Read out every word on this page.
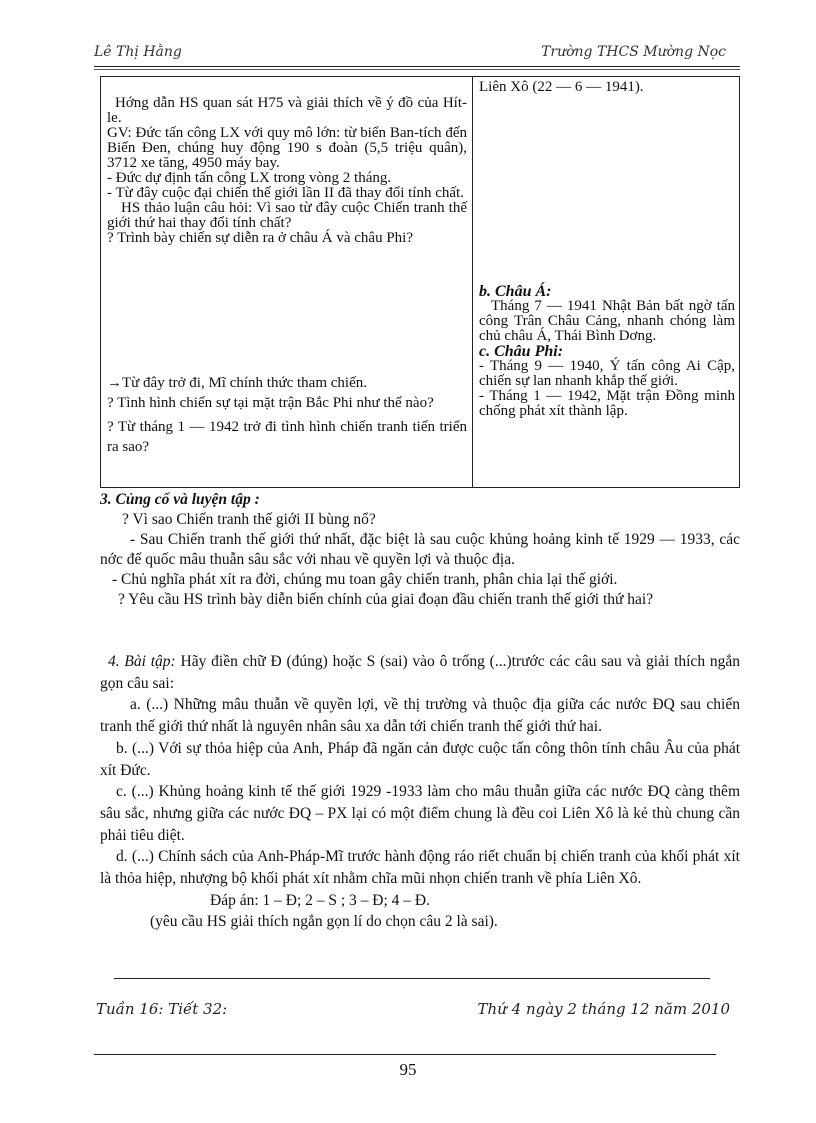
Lê Thị Hằng	Trường THCS Mường Nọc

Hớng dẫn HS quan sát H75 và giải thích về ý đồ của Hít-le.

GV: Đức tấn công LX với quy mô lớn: từ biển Ban-tích đến Biển Đen, chúng huy động 190 s đoàn (5,5 triệu quân), 3712 xe tăng, 4950 máy bay.

- Đức dự định tấn công LX trong vòng 2 tháng.

- Từ đây cuộc đại chiến thế giới lần II đã thay đổi tính chất.

HS thảo luận câu hỏi: Vì sao từ đây cuộc Chiến tranh thế giới thứ hai thay đổi tính chất?

? Trình bày chiến sự diễn ra ở châu Á và châu Phi?

→Từ đây trở đi, Mĩ chính thức tham chiến.

? Tình hình chiến sự tại mặt trận Bắc Phi như thế nào?

? Từ tháng 1 — 1942 trở đi tình hình chiến tranh tiến triển ra sao?

Liên Xô (22 — 6 — 1941).

b. Châu Á:

Tháng 7 — 1941 Nhật Bản bất ngờ tấn công Trân Châu Cảng, nhanh chóng làm chủ châu Á, Thái Bình Dơng.

c. Châu Phi:

- Tháng 9 — 1940, Ý tấn công Ai Cập, chiến sự lan nhanh khắp thế giới.

- Tháng 1 — 1942, Mặt trận Đồng minh chống phát xít thành lập.

3. Củng cố và luyện tập :

? Vì sao Chiến tranh thế giới II bùng nổ?

- Sau Chiến tranh thế giới thứ nhất, đặc biệt là sau cuộc khủng hoảng kinh tế 1929 — 1933, các nớc đế quốc mâu thuẫn sâu sắc với nhau về quyền lợi và thuộc địa.

- Chủ nghĩa phát xít ra đời, chúng mu toan gây chiến tranh, phân chia lại thế giới.

? Yêu cầu HS trình bày diễn biến chính của giai đoạn đầu chiến tranh thế giới thứ hai?

4. Bài tập: Hãy điền chữ Đ (đúng) hoặc S (sai) vào ô trống (...)trước các câu sau và giải thích ngắn gọn câu sai:

a. (...) Những mâu thuẫn về quyền lợi, về thị trường và thuộc địa giữa các nước ĐQ sau chiến tranh thế giới thứ nhất là nguyên nhân sâu xa dẫn tới chiến tranh thế giới thứ hai.

b. (...) Với sự thỏa hiệp của Anh, Pháp đã ngăn cản được cuộc tấn công thôn tính châu Âu của phát xít Đức.

c. (...) Khủng hoảng kinh tế thế giới 1929 -1933 làm cho mâu thuẫn giữa các nước ĐQ càng thêm sâu sắc, nhưng giữa các nước ĐQ – PX lại có một điểm chung là đều coi Liên Xô là kẻ thù chung cần phải tiêu diệt.

d. (...) Chính sách của Anh-Pháp-Mĩ trước hành động ráo riết chuẩn bị chiến tranh của khối phát xít là thỏa hiệp, nhượng bộ khối phát xít nhằm chĩa mũi nhọn chiến tranh về phía Liên Xô.

Đáp án: 1 – Đ; 2 – S ; 3 – Đ; 4 – Đ.

(yêu cầu HS giải thích ngắn gọn lí do chọn câu 2 là sai).

Tuần 16: Tiết 32:	Thứ 4 ngày 2 tháng 12 năm 2010
95
